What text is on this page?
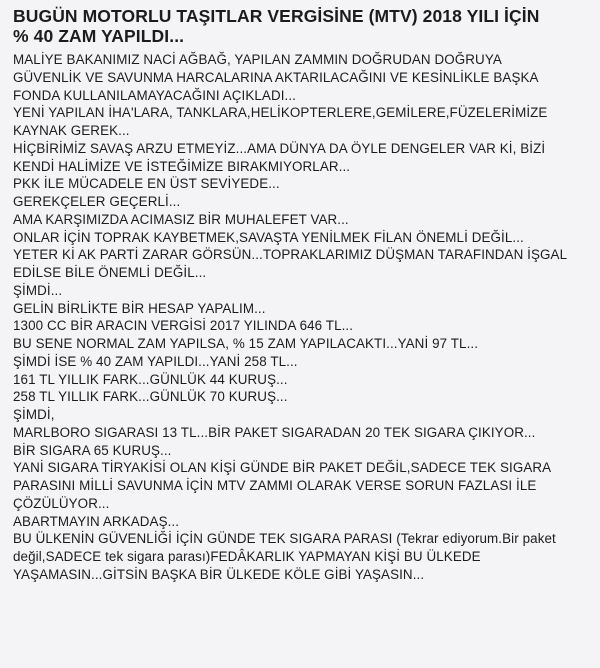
BUGÜN MOTORLU TAŞITLAR VERGİSİNE (MTV) 2018 YILI İÇİN
% 40 ZAM YAPILDI...
MALİYE BAKANIMIZ NACİ AĞBAĞ, YAPILAN ZAMMIN DOĞRUDAN DOĞRUYA
GÜVENLİK VE SAVUNMA HARCALARINA AKTARILACAĞINI VE KESİNLİKLE BAŞKA
FONDA KULLANILAMAYACAĞINI AÇIKLADI...
YENİ YAPILAN İHA'LARA, TANKLARA,HELİKOPTERLERE,GEMİLERE,FÜZELERİMİZE
KAYNAK GEREK...
HİÇBİRİMİZ SAVAŞ ARZU ETMEYİZ...AMA DÜNYA DA ÖYLE DENGELER VAR Kİ, BİZİ
KENDİ HALİMİZE VE İSTEĞİMİZE BIRAKMIYORLAR...
PKK İLE MÜCADELE EN ÜST SEVİYEDE...
GEREKÇELER GEÇERLİ...
AMA KARŞIMIZDA ACIMASIZ BİR MUHALEFET VAR...
ONLAR İÇİN TOPRAK KAYBETMEK,SAVAŞTA YENİLMEK FİLAN ÖNEMLİ DEĞİL...
YETER Kİ AK PARTİ ZARAR GÖRSÜN...TOPRAKLARIMIZ DÜŞMAN TARAFINDAN İŞGAL
EDİLSE BİLE ÖNEMLİ DEĞİL...
ŞİMDİ...
GELİN BİRLİKTE BİR HESAP YAPALIM...
1300 CC BİR ARACIN VERGİSİ 2017 YILINDA 646 TL...
BU SENE NORMAL ZAM YAPILSA, % 15 ZAM YAPILACAKTI...YANİ 97 TL...
ŞİMDİ İSE % 40 ZAM YAPILDI...YANİ 258 TL...
161 TL YILLIK FARK...GÜNLÜK 44 KURUŞ...
258 TL YILLIK FARK...GÜNLÜK 70 KURUŞ...
ŞİMDİ,
MARLBORO SIGARASI 13 TL...BİR PAKET SIGARADAN 20 TEK SIGARA ÇIKIYOR...
BİR SIGARA 65 KURUŞ...
YANİ SIGARA TİRYAKİSİ OLAN KİŞİ GÜNDE BİR PAKET DEĞİL,SADECE TEK SIGARA
PARASINI MİLLİ SAVUNMA İÇİN MTV ZAMMI OLARAK VERSE SORUN FAZLASI İLE
ÇÖZÜLÜYOR...
ABARTMAYIN ARKADAŞ...
BU ÜLKENİN GÜVENLİĞİ İÇİN GÜNDE TEK SIGARA PARASI (Tekrar ediyorum.Bir paket
değil,SADECE tek sigara parası)FEDÂKARLIK YAPMAYAN KİŞİ BU ÜLKEDE
YAŞAMASIN...GİTSİN BAŞKA BİR ÜLKEDE KÖLE GİBİ YAŞASIN...
